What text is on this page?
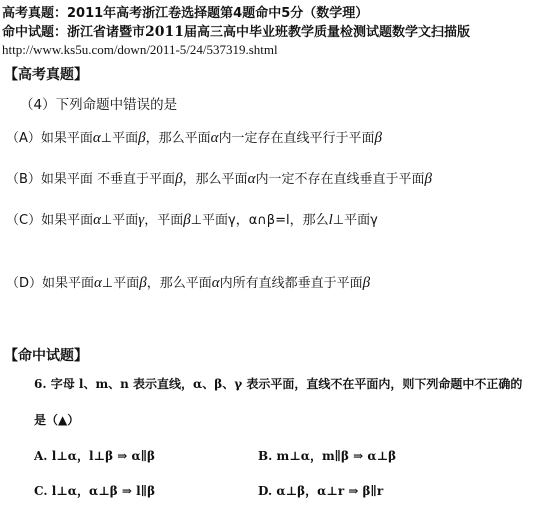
高考真题：2011年高考浙江卷选择题第4题命中5分（数学理）
命中试题：浙江省诸暨市2011届高三高中毕业班教学质量检测试题数学文扫描版
http://www.ks5u.com/down/2011-5/24/537319.shtml
【高考真题】
（4）下列命题中错误的是
（A）如果平面α⊥平面β，那么平面α内一定存在直线平行于平面β
（B）如果平面 不垂直于平面β，那么平面α内一定不存在直线垂直于平面β
（C）如果平面α⊥平面γ，平面β⊥平面γ，α∩β=l，那么l⊥平面γ
（D）如果平面α⊥平面β，那么平面α内所有直线都垂直于平面β
【命中试题】
6. 字母 l、m、n 表示直线，α、β、γ 表示平面，直线不在平面内，则下列命题中不正确的
是（▲）
A. l⊥α，l⊥β ⇒ α∥β	B. m⊥α，m∥β ⇒ α⊥β
C. l⊥α，α⊥β ⇒ l∥β	D. α⊥β，α⊥r ⇒ β∥r
